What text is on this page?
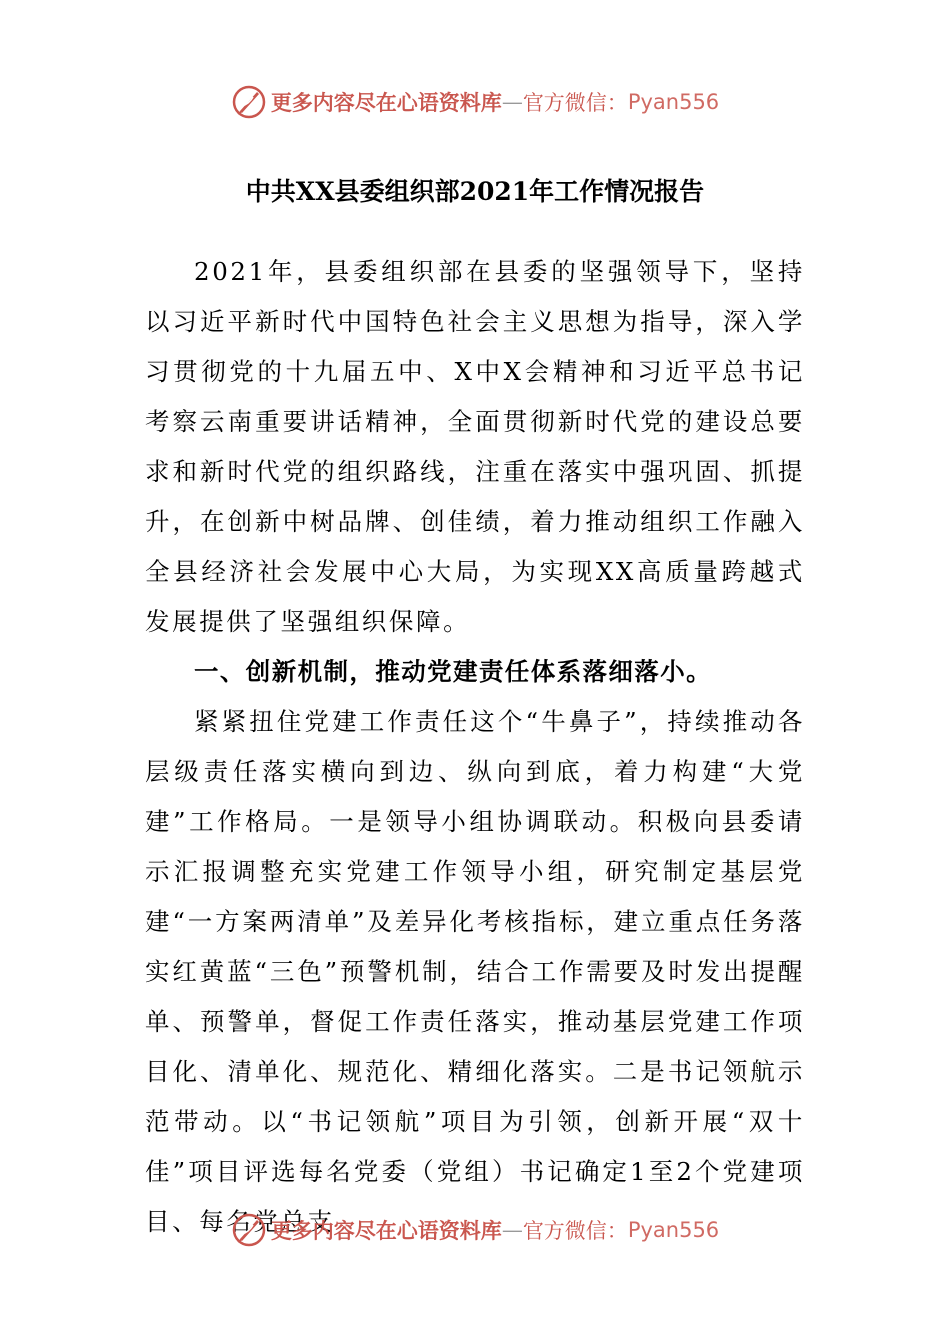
更多内容尽在心语资料库 — 官方微信： Pyan556
中共XX县委组织部2021年工作情况报告

2021年，县委组织部在县委的坚强领导下，坚持以习近平新时代中国特色社会主义思想为指导，深入学习贯彻党的十九届五中、X中X会精神和习近平总书记考察云南重要讲话精神，全面贯彻新时代党的建设总要求和新时代党的组织路线，注重在落实中强巩固、抓提升，在创新中树品牌、创佳绩，着力推动组织工作融入全县经济社会发展中心大局，为实现XX高质量跨越式发展提供了坚强组织保障。

一、创新机制，推动党建责任体系落细落小。

紧紧扭住党建工作责任这个“牛鼻子”，持续推动各层级责任落实横向到边、纵向到底，着力构建“大党建”工作格局。一是领导小组协调联动。积极向县委请示汇报调整充实党建工作领导小组，研究制定基层党建“一方案两清单”及差异化考核指标，建立重点任务落实红黄蓝“三色”预警机制，结合工作需要及时发出提醒单、预警单，督促工作责任落实，推动基层党建工作项目化、清单化、规范化、精细化落实。二是书记领航示范带动。以“书记领航”项目为引领，创新开展“双十佳”项目评选每名党委（党组）书记确定1至2个党建项目、每名党总支

更多内容尽在心语资料库 — 官方微信： Pyan556
